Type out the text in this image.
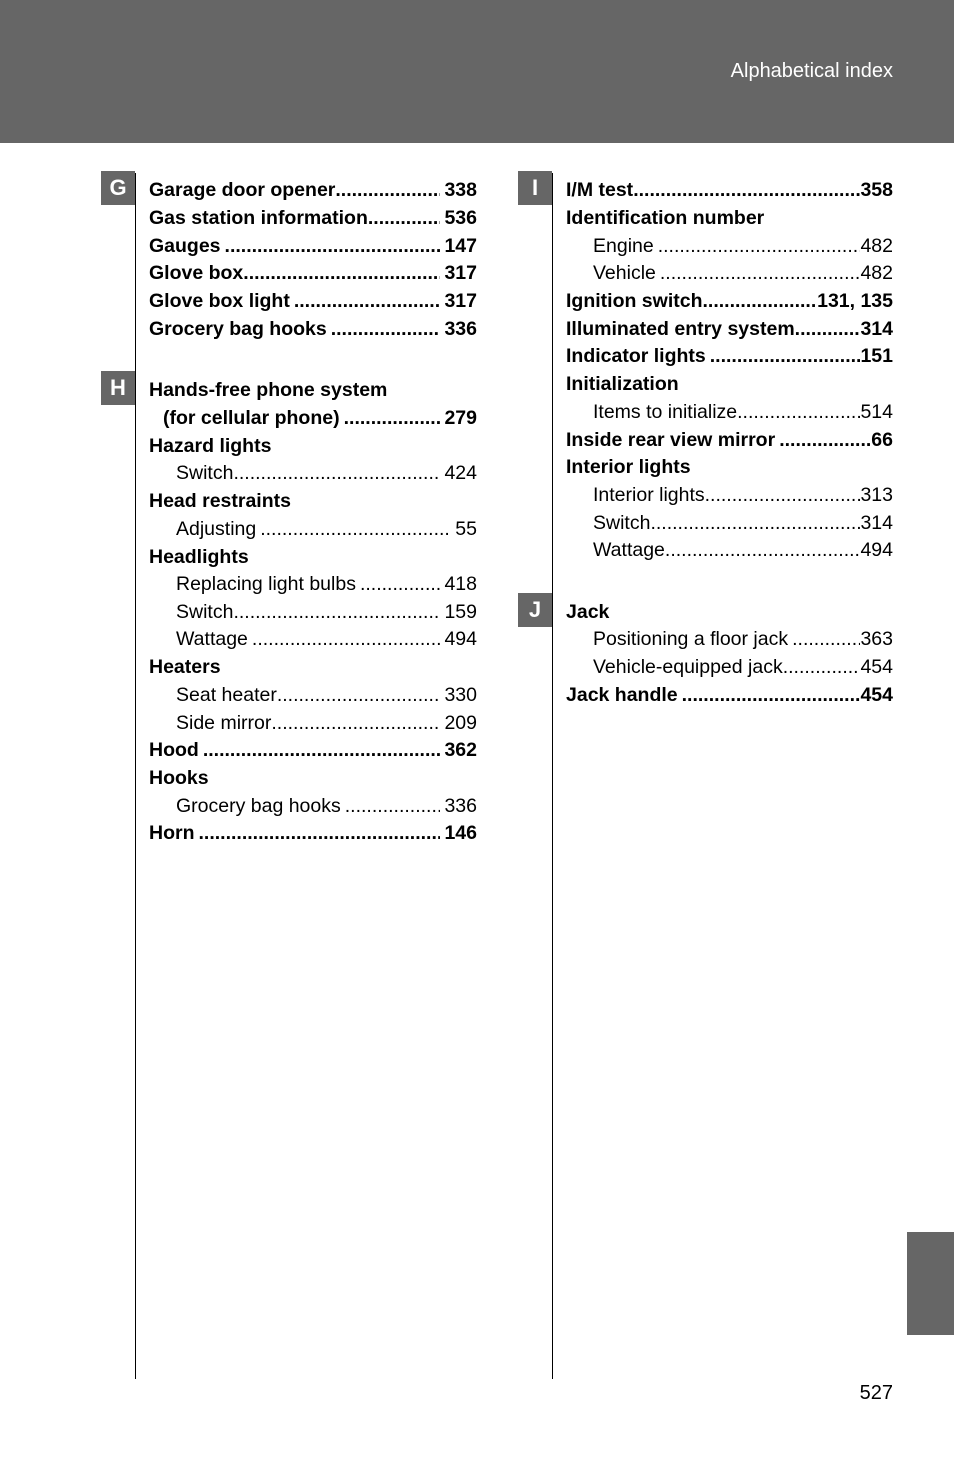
Alphabetical index
G
H
I
J
Garage door opener .....	338
Gas station information .....	536
Gauges .....	147
Glove box .....	317
Glove box light .....	317
Grocery bag hooks .....	336
Hands-free phone system
(for cellular phone) .....	279
Hazard lights
Switch .....	424
Head restraints
Adjusting .....	55
Headlights
Replacing light bulbs .....	418
Switch .....	159
Wattage .....	494
Heaters
Seat heater .....	330
Side mirror .....	209
Hood .....	362
Hooks
Grocery bag hooks .....	336
Horn .....	146
I/M test .....	358
Identification number
Engine .....	482
Vehicle .....	482
Ignition switch .....	131, 135
Illuminated entry system .....	314
Indicator lights .....	151
Initialization
Items to initialize .....	514
Inside rear view mirror .....	66
Interior lights
Interior lights .....	313
Switch .....	314
Wattage .....	494
Jack
Positioning a floor jack .....	363
Vehicle-equipped jack .....	454
Jack handle .....	454
527
